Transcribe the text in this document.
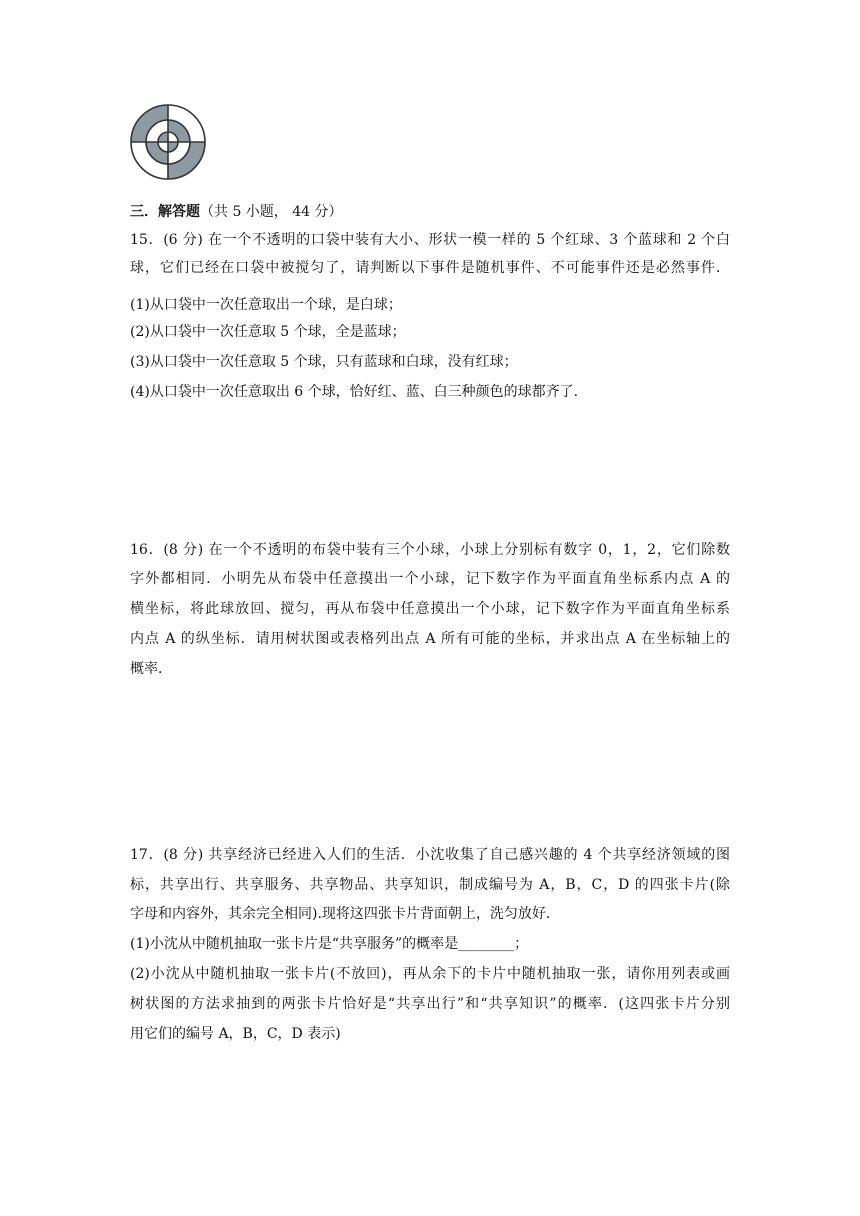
三．解答题（共 5 小题， 44 分）
15．(6 分) 在一个不透明的口袋中装有大小、形状一模一样的 5 个红球、3 个蓝球和 2 个白
球，它们已经在口袋中被搅匀了，请判断以下事件是随机事件、不可能事件还是必然事件．
(1)从口袋中一次任意取出一个球，是白球；
(2)从口袋中一次任意取 5 个球，全是蓝球；
(3)从口袋中一次任意取 5 个球，只有蓝球和白球，没有红球；
(4)从口袋中一次任意取出 6 个球，恰好红、蓝、白三种颜色的球都齐了．
16．(8 分) 在一个不透明的布袋中装有三个小球，小球上分别标有数字 0，1，2，它们除数
字外都相同．小明先从布袋中任意摸出一个小球，记下数字作为平面直角坐标系内点 A 的
横坐标，将此球放回、搅匀，再从布袋中任意摸出一个小球，记下数字作为平面直角坐标系
内点 A 的纵坐标．请用树状图或表格列出点 A 所有可能的坐标，并求出点 A 在坐标轴上的
概率．
17．(8 分) 共享经济已经进入人们的生活．小沈收集了自己感兴趣的 4 个共享经济领域的图
标，共享出行、共享服务、共享物品、共享知识，制成编号为 A，B，C，D 的四张卡片(除
字母和内容外，其余完全相同).现将这四张卡片背面朝上，洗匀放好．
(1)小沈从中随机抽取一张卡片是“共享服务”的概率是________；
(2)小沈从中随机抽取一张卡片(不放回)，再从余下的卡片中随机抽取一张，请你用列表或画
树状图的方法求抽到的两张卡片恰好是“共享出行”和“共享知识”的概率．(这四张卡片分别
用它们的编号 A，B，C，D 表示)
